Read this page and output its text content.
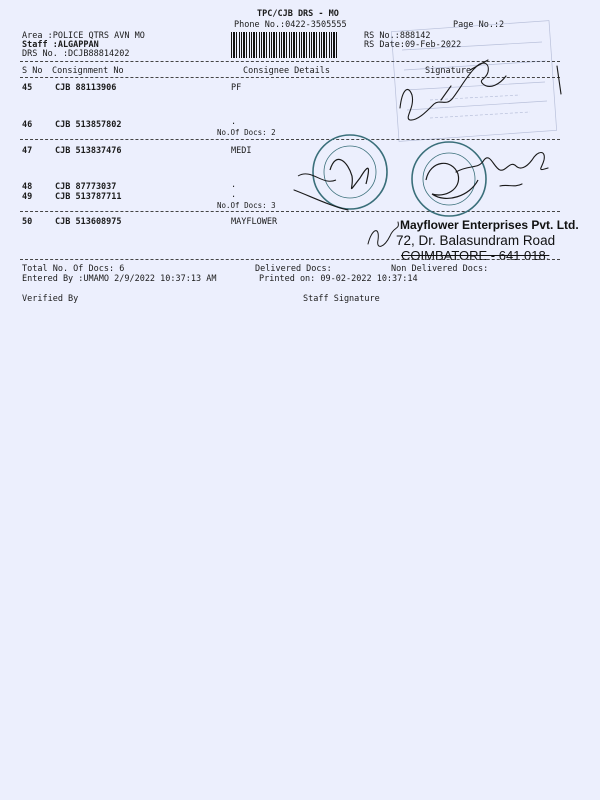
TPC/CJB DRS - MO
Phone No.:0422-3505555	Page No.:2
Area :POLICE QTRS AVN MO
Staff :ALGAPPAN
DRS No. :DCJB88814202
RS No.:888142
RS Date:09-Feb-2022
S No Consignment No	Consignee Details	Signature
45	CJB 88113906	PF
46	CJB 513857802	.
No.Of Docs: 2
47	CJB 513837476	MEDI
48	CJB 87773037	.
49	CJB 513787711	.
No.Of Docs: 3
50	CJB 513608975	MAYFLOWER	Mayflower Enterprises Pvt. Ltd.
72, Dr. Balasundram Road
COIMBATORE - 641 018.
Total No. Of Docs: 6	Delivered Docs:	Non Delivered Docs:
Entered By :UMAMO 2/9/2022 10:37:13 AM	Printed on: 09-02-2022 10:37:14
Verified By	Staff Signature
